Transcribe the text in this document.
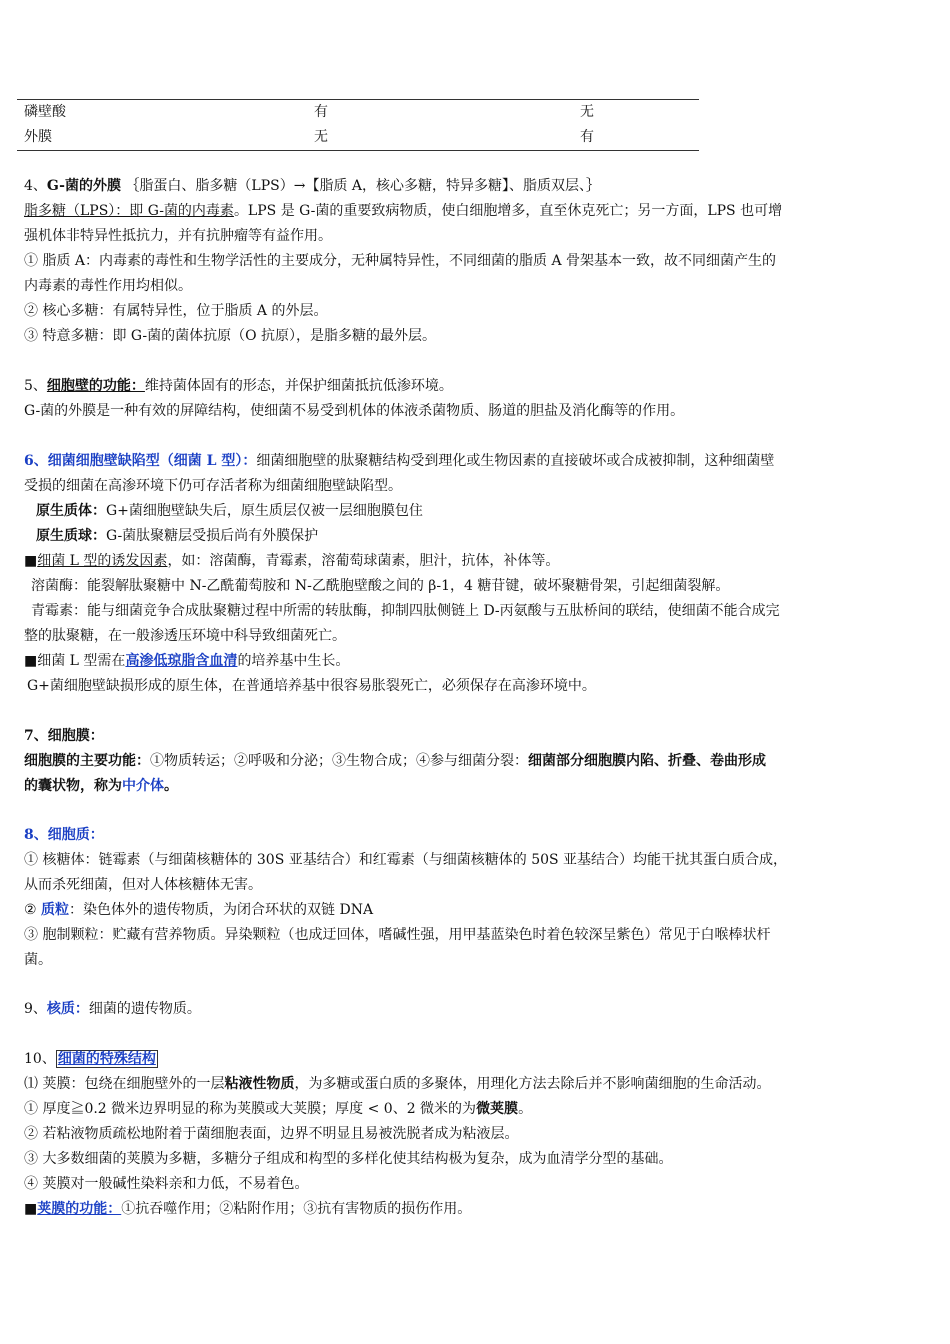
磷壁酸	有	无
外膜	无	有
4、G-菌的外膜 ｛脂蛋白、脂多糖（LPS）→【脂质 A，核心多糖，特异多糖】、脂质双层、｝
脂多糖（LPS）：即 G-菌的内毒素。LPS 是 G-菌的重要致病物质，使白细胞增多，直至休克死亡；另一方面，LPS 也可增
强机体非特异性抵抗力，并有抗肿瘤等有益作用。
① 脂质 A：内毒素的毒性和生物学活性的主要成分，无种属特异性，不同细菌的脂质 A 骨架基本一致，故不同细菌产生的
内毒素的毒性作用均相似。
② 核心多糖：有属特异性，位于脂质 A 的外层。
③ 特意多糖：即 G-菌的菌体抗原（O 抗原），是脂多糖的最外层。
5、细胞壁的功能：维持菌体固有的形态，并保护细菌抵抗低渗环境。
G-菌的外膜是一种有效的屏障结构，使细菌不易受到机体的体液杀菌物质、肠道的胆盐及消化酶等的作用。
6、细菌细胞壁缺陷型（细菌 L 型）：细菌细胞壁的肽聚糖结构受到理化或生物因素的直接破坏或合成被抑制，这种细菌壁
受损的细菌在高渗环境下仍可存活者称为细菌细胞壁缺陷型。
原生质体：G+菌细胞壁缺失后，原生质层仅被一层细胞膜包住
原生质球：G-菌肽聚糖层受损后尚有外膜保护
■细菌 L 型的诱发因素，如：溶菌酶，青霉素，溶葡萄球菌素，胆汁，抗体，补体等。
溶菌酶：能裂解肽聚糖中 N-乙酰葡萄胺和 N-乙酰胞壁酸之间的 β-1，4 糖苷键，破坏聚糖骨架，引起细菌裂解。
青霉素：能与细菌竞争合成肽聚糖过程中所需的转肽酶，抑制四肽侧链上 D-丙氨酸与五肽桥间的联结，使细菌不能合成完
整的肽聚糖，在一般渗透压环境中科导致细菌死亡。
■细菌 L 型需在高渗低琼脂含血清的培养基中生长。
G+菌细胞壁缺损形成的原生体，在普通培养基中很容易胀裂死亡，必须保存在高渗环境中。
7、细胞膜：
细胞膜的主要功能：①物质转运；②呼吸和分泌；③生物合成；④参与细菌分裂：细菌部分细胞膜内陷、折叠、卷曲形成
的囊状物，称为中介体。
8、细胞质：
① 核糖体：链霉素（与细菌核糖体的 30S 亚基结合）和红霉素（与细菌核糖体的 50S 亚基结合）均能干扰其蛋白质合成，
从而杀死细菌，但对人体核糖体无害。
② 质粒：染色体外的遗传物质，为闭合环状的双链 DNA
③ 胞制颗粒：贮藏有营养物质。异染颗粒（也成迂回体，嗜碱性强，用甲基蓝染色时着色较深呈紫色）常见于白喉棒状杆
菌。
9、核质：细菌的遗传物质。
10、 细菌的特殊结构
⑴ 荚膜：包绕在细胞壁外的一层粘液性物质，为多糖或蛋白质的多聚体，用理化方法去除后并不影响菌细胞的生命活动。
① 厚度≧0.2 微米边界明显的称为荚膜或大荚膜；厚度 < 0、2 微米的为微荚膜。
② 若粘液物质疏松地附着于菌细胞表面，边界不明显且易被洗脱者成为粘液层。
③ 大多数细菌的荚膜为多糖，多糖分子组成和构型的多样化使其结构极为复杂，成为血清学分型的基础。
④ 荚膜对一般碱性染料亲和力低，不易着色。
■荚膜的功能：①抗吞噬作用；②粘附作用；③抗有害物质的损伤作用。
